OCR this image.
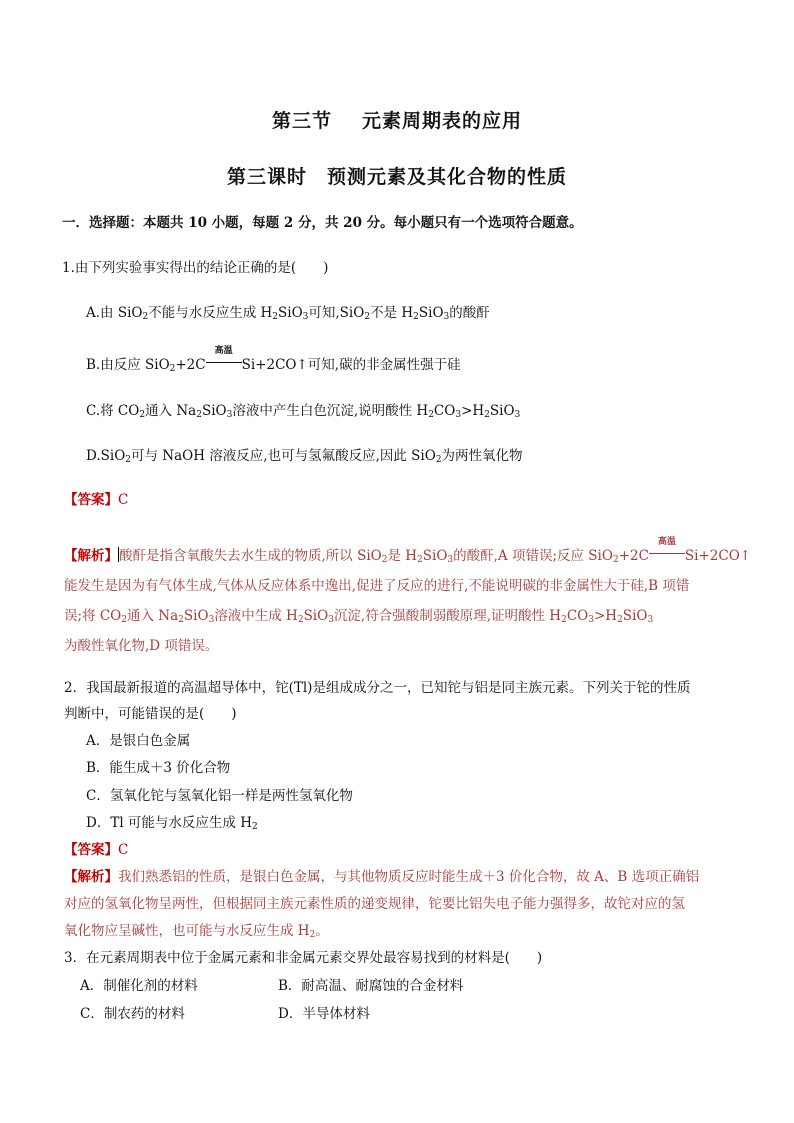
第三节 元素周期表的应用
第三课时　预测元素及其化合物的性质
一．选择题：本题共 10 小题，每题 2 分，共 20 分。每小题只有一个选项符合题意。
1.由下列实验事实得出的结论正确的是(　　)
A.由 SiO$_2$不能与水反应生成 $H_2SiO_3$可知,SiO$_2$不是 $H_2SiO_3$的酸酐
B.由反应 SiO$_2$+2C
高温
Si+2CO↑可知,碳的非金属性强于硅
C.将 $CO_2$通入 $Na_2SiO_3$溶液中产生白色沉淀,说明酸性 $H_2CO_3>H_2SiO_3$
D.SiO$_2$可与 NaOH 溶液反应,也可与氢氟酸反应,因此 SiO$_2$为两性氧化物
【答案】C
【解析】酸酐是指含氧酸失去水生成的物质,所以 SiO$_2$是 $H_2SiO_3$的酸酐,A 项错误;反应 SiO$_2$+2C
高温
Si+2CO↑
能发生是因为有气体生成,气体从反应体系中逸出,促进了反应的进行,不能说明碳的非金属性大于硅,B 项错
误;将 $CO_2$通入 $Na_2SiO_3$溶液中生成 $H_2SiO_3$沉淀,符合强酸制弱酸原理,证明酸性 $H_2CO_3>H_2SiO_3$
为酸性氧化物,D 项错误。
2．我国最新报道的高温超导体中，铊(Tl)是组成成分之一，已知铊与铝是同主族元素。下列关于铊的性质
判断中，可能错误的是(　　)
A．是银白色金属
B．能生成＋3 价化合物
C．氢氧化铊与氢氧化铝一样是两性氢氧化物
D．Tl 可能与水反应生成 $H_2$
【答案】C
【解析】我们熟悉铝的性质，是银白色金属，与其他物质反应时能生成＋3 价化合物，故 A、B 选项正确铝
对应的氢氧化物呈两性，但根据同主族元素性质的递变规律，铊要比铝失电子能力强得多，故铊对应的氢
氧化物应呈碱性，也可能与水反应生成 $H_2$。
3．在元素周期表中位于金属元素和非金属元素交界处最容易找到的材料是(　　)
A．制催化剂的材料	B．耐高温、耐腐蚀的合金材料
C．制农药的材料	D．半导体材料
